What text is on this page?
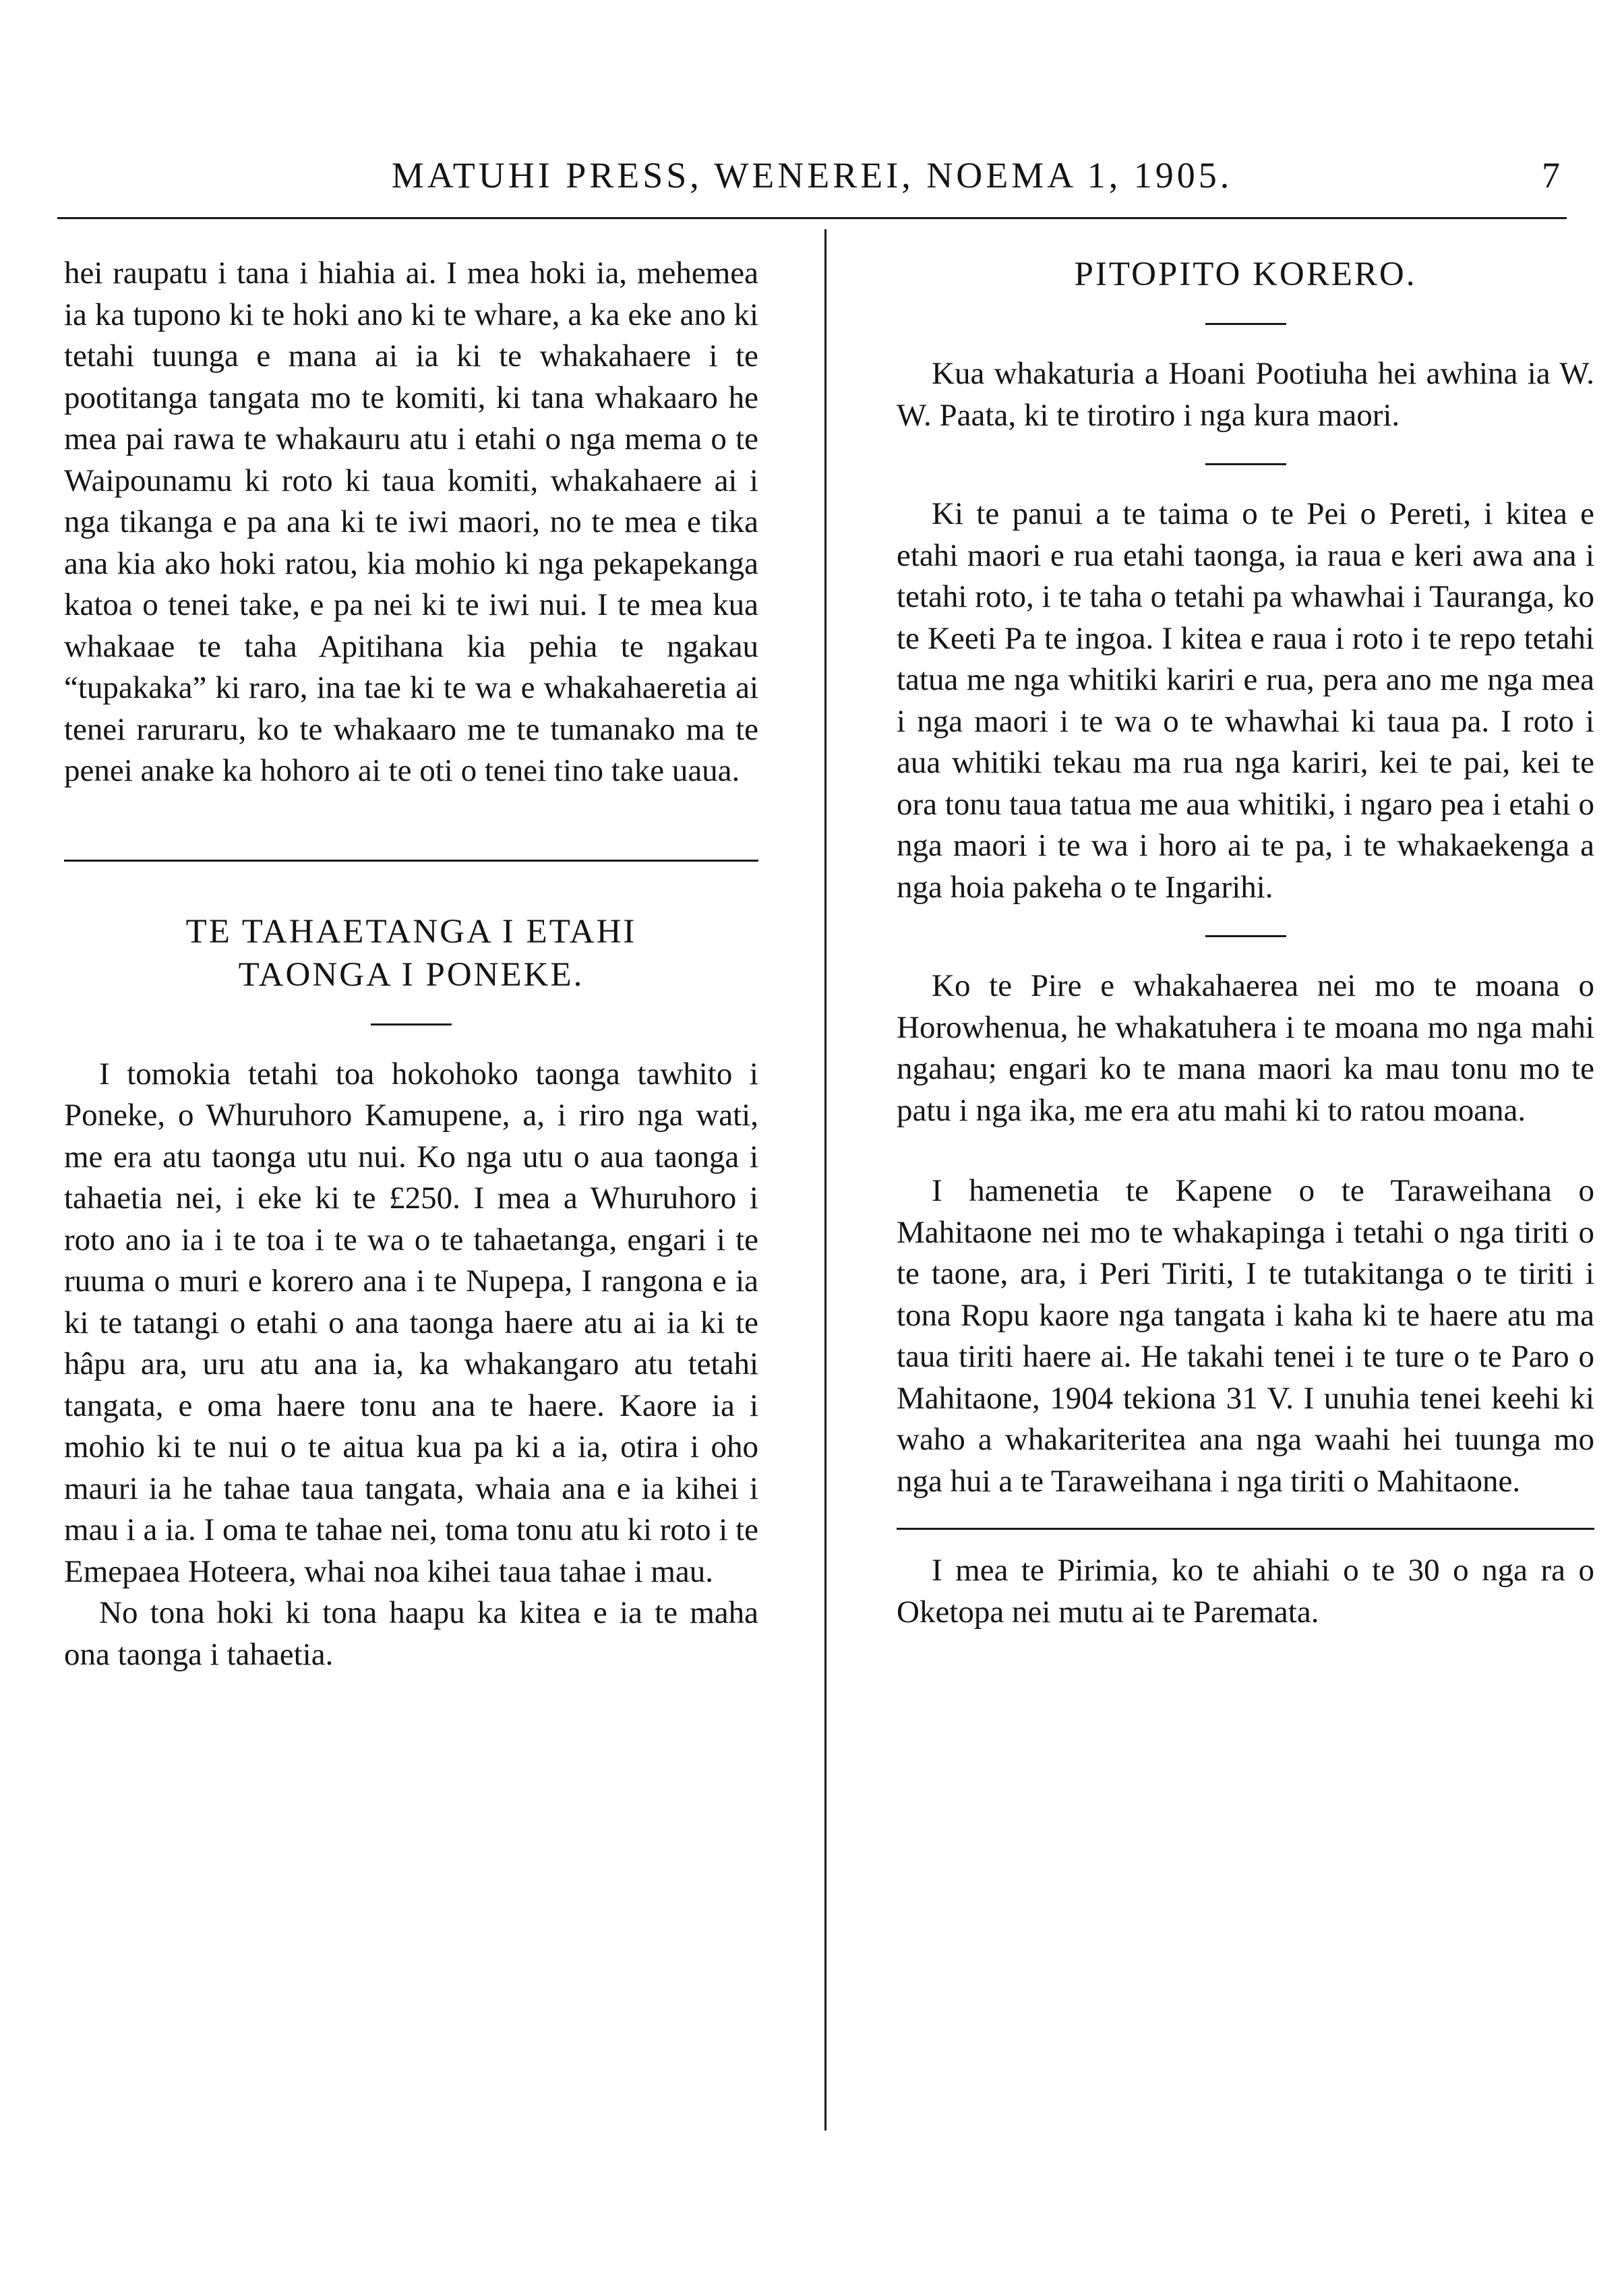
MATUHI PRESS, WENEREI, NOEMA 1, 1905.	7

hei raupatu i tana i hiahia ai. I mea hoki ia, mehemea ia ka tupono ki te hoki ano ki te whare, a ka eke ano ki tetahi tuunga e mana ai ia ki te whakahaere i te pootitanga tangata mo te komiti, ki tana whakaaro he mea pai rawa te whakauru atu i etahi o nga mema o te Waipounamu ki roto ki taua komiti, whakahaere ai i nga tikanga e pa ana ki te iwi maori, no te mea e tika ana kia ako hoki ratou, kia mohio ki nga pekapekanga katoa o tenei take, e pa nei ki te iwi nui. I te mea kua whakaae te taha Apitihana kia pehia te ngakau “tupakaka” ki raro, ina tae ki te wa e whakahaeretia ai tenei raruraru, ko te whakaaro me te tumanako ma te penei anake ka hohoro ai te oti o tenei tino take uaua.

TE TAHAETANGA I ETAHI

TAONGA I PONEKE.

I tomokia tetahi toa hokohoko taonga tawhito i Poneke, o Whuruhoro Kamupene, a, i riro nga wati, me era atu taonga utu nui. Ko nga utu o aua taonga i tahaetia nei, i eke ki te £250. I mea a Whuruhoro i roto ano ia i te toa i te wa o te tahaetanga, engari i te ruuma o muri e korero ana i te Nupepa, I rangona e ia ki te tatangi o etahi o ana taonga haere atu ai ia ki te hâpu ara, uru atu ana ia, ka whakangaro atu tetahi tangata, e oma haere tonu ana te haere. Kaore ia i mohio ki te nui o te aitua kua pa ki a ia, otira i oho mauri ia he tahae taua tangata, whaia ana e ia kihei i mau i a ia. I oma te tahae nei, toma tonu atu ki roto i te Emepaea Hoteera, whai noa kihei taua tahae i mau.

No tona hoki ki tona haapu ka kitea e ia te maha ona taonga i tahaetia.

PITOPITO KORERO.

Kua whakaturia a Hoani Pootiuha hei awhina ia W. W. Paata, ki te tirotiro i nga kura maori.

Ki te panui a te taima o te Pei o Pereti, i kitea e etahi maori e rua etahi taonga, ia raua e keri awa ana i tetahi roto, i te taha o tetahi pa whawhai i Tauranga, ko te Keeti Pa te ingoa. I kitea e raua i roto i te repo tetahi tatua me nga whitiki kariri e rua, pera ano me nga mea i nga maori i te wa o te whawhai ki taua pa. I roto i aua whitiki tekau ma rua nga kariri, kei te pai, kei te ora tonu taua tatua me aua whitiki, i ngaro pea i etahi o nga maori i te wa i horo ai te pa, i te whakaekenga a nga hoia pakeha o te Ingarihi.

Ko te Pire e whakahaerea nei mo te moana o Horowhenua, he whakatuhera i te moana mo nga mahi ngahau; engari ko te mana maori ka mau tonu mo te patu i nga ika, me era atu mahi ki to ratou moana.

I hamenetia te Kapene o te Taraweihana o Mahitaone nei mo te whakapinga i tetahi o nga tiriti o te taone, ara, i Peri Tiriti, I te tutakitanga o te tiriti i tona Ropu kaore nga tangata i kaha ki te haere atu ma taua tiriti haere ai. He takahi tenei i te ture o te Paro o Mahitaone, 1904 tekiona 31 V. I unuhia tenei keehi ki waho a whakariteritea ana nga waahi hei tuunga mo nga hui a te Taraweihana i nga tiriti o Mahitaone.

I mea te Pirimia, ko te ahiahi o te 30 o nga ra o Oketopa nei mutu ai te Paremata.
